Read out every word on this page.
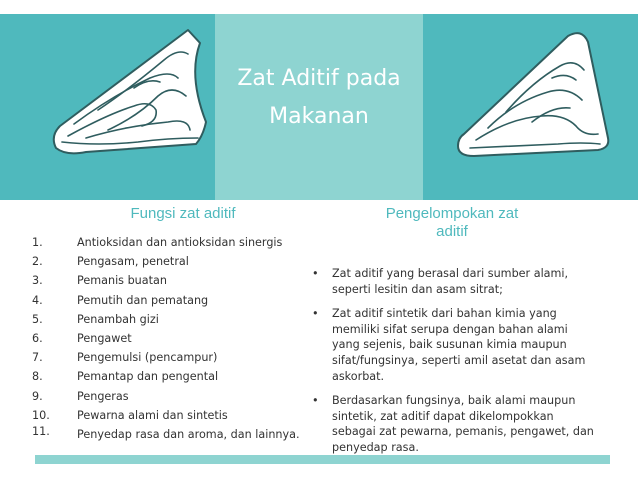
Zat Aditif pada
Makanan
Fungsi zat aditif	Pengelompokan zat
aditif
1.	Antioksidan dan antioksidan sinergis
2.	Pengasam, penetral
3.	Pemanis buatan
4.	Pemutih dan pematang
5.	Penambah gizi
6.	Pengawet
7.	Pengemulsi (pencampur)
8.	Pemantap dan pengental
9.	Pengeras
10. Pewarna alami dan sintetis
11. Penyedap rasa dan aroma, dan lainnya.
• Zat aditif yang berasal dari sumber alami, seperti lesitin dan asam sitrat;
• Zat aditif sintetik dari bahan kimia yang memiliki sifat serupa dengan bahan alami yang sejenis, baik susunan kimia maupun sifat/fungsinya, seperti amil asetat dan asam askorbat.
• Berdasarkan fungsinya, baik alami maupun sintetik, zat aditif dapat dikelompokkan sebagai zat pewarna, pemanis, pengawet, dan penyedap rasa.
